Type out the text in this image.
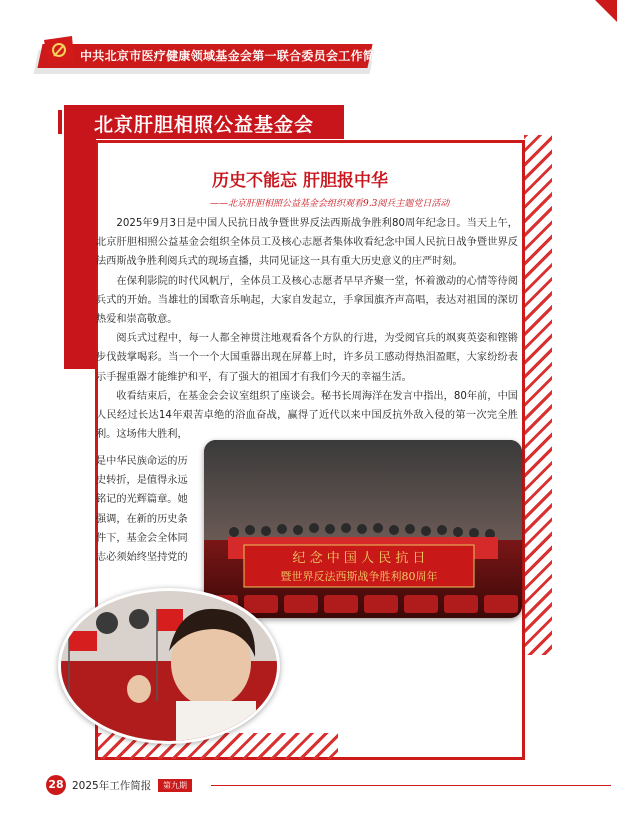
中共北京市医疗健康领域基金会第一联合委员会工作简报
北京肝胆相照公益基金会
历史不能忘 肝胆报中华
——北京肝胆相照公益基金会组织观看9.3阅兵主题党日活动

2025年9月3日是中国人民抗日战争暨世界反法西斯战争胜利80周年纪念日。当天上午，北京肝胆相照公益基金会组织全体员工及核心志愿者集体收看纪念中国人民抗日战争暨世界反法西斯战争胜利阅兵式的现场直播，共同见证这一具有重大历史意义的庄严时刻。

在保利影院的时代风帆厅，全体员工及核心志愿者早早齐聚一堂，怀着激动的心情等待阅兵式的开始。当雄壮的国歌音乐响起，大家自发起立，手拿国旗齐声高唱，表达对祖国的深切热爱和崇高敬意。

阅兵式过程中，每一人都全神贯注地观看各个方队的行进，为受阅官兵的飒爽英姿和铿锵步伐鼓掌喝彩。当一个一个大国重器出现在屏幕上时，许多员工感动得热泪盈眶，大家纷纷表示手握重器才能维护和平，有了强大的祖国才有我们今天的幸福生活。

收看结束后，在基金会会议室组织了座谈会。秘书长周海洋在发言中指出，80年前，中国人民经过长达14年艰苦卓绝的浴血奋战，赢得了近代以来中国反抗外敌入侵的第一次完全胜利。这场伟大胜利，

是中华民族命运的历

史转折，是值得永远

铭记的光辉篇章。她

强调，在新的历史条

件下，基金会全体同

志必须始终坚持党的	纪 念 中 国 人 民 抗 日
暨世界反法西斯战争胜利80周年
28 2025年工作简报	第九期
